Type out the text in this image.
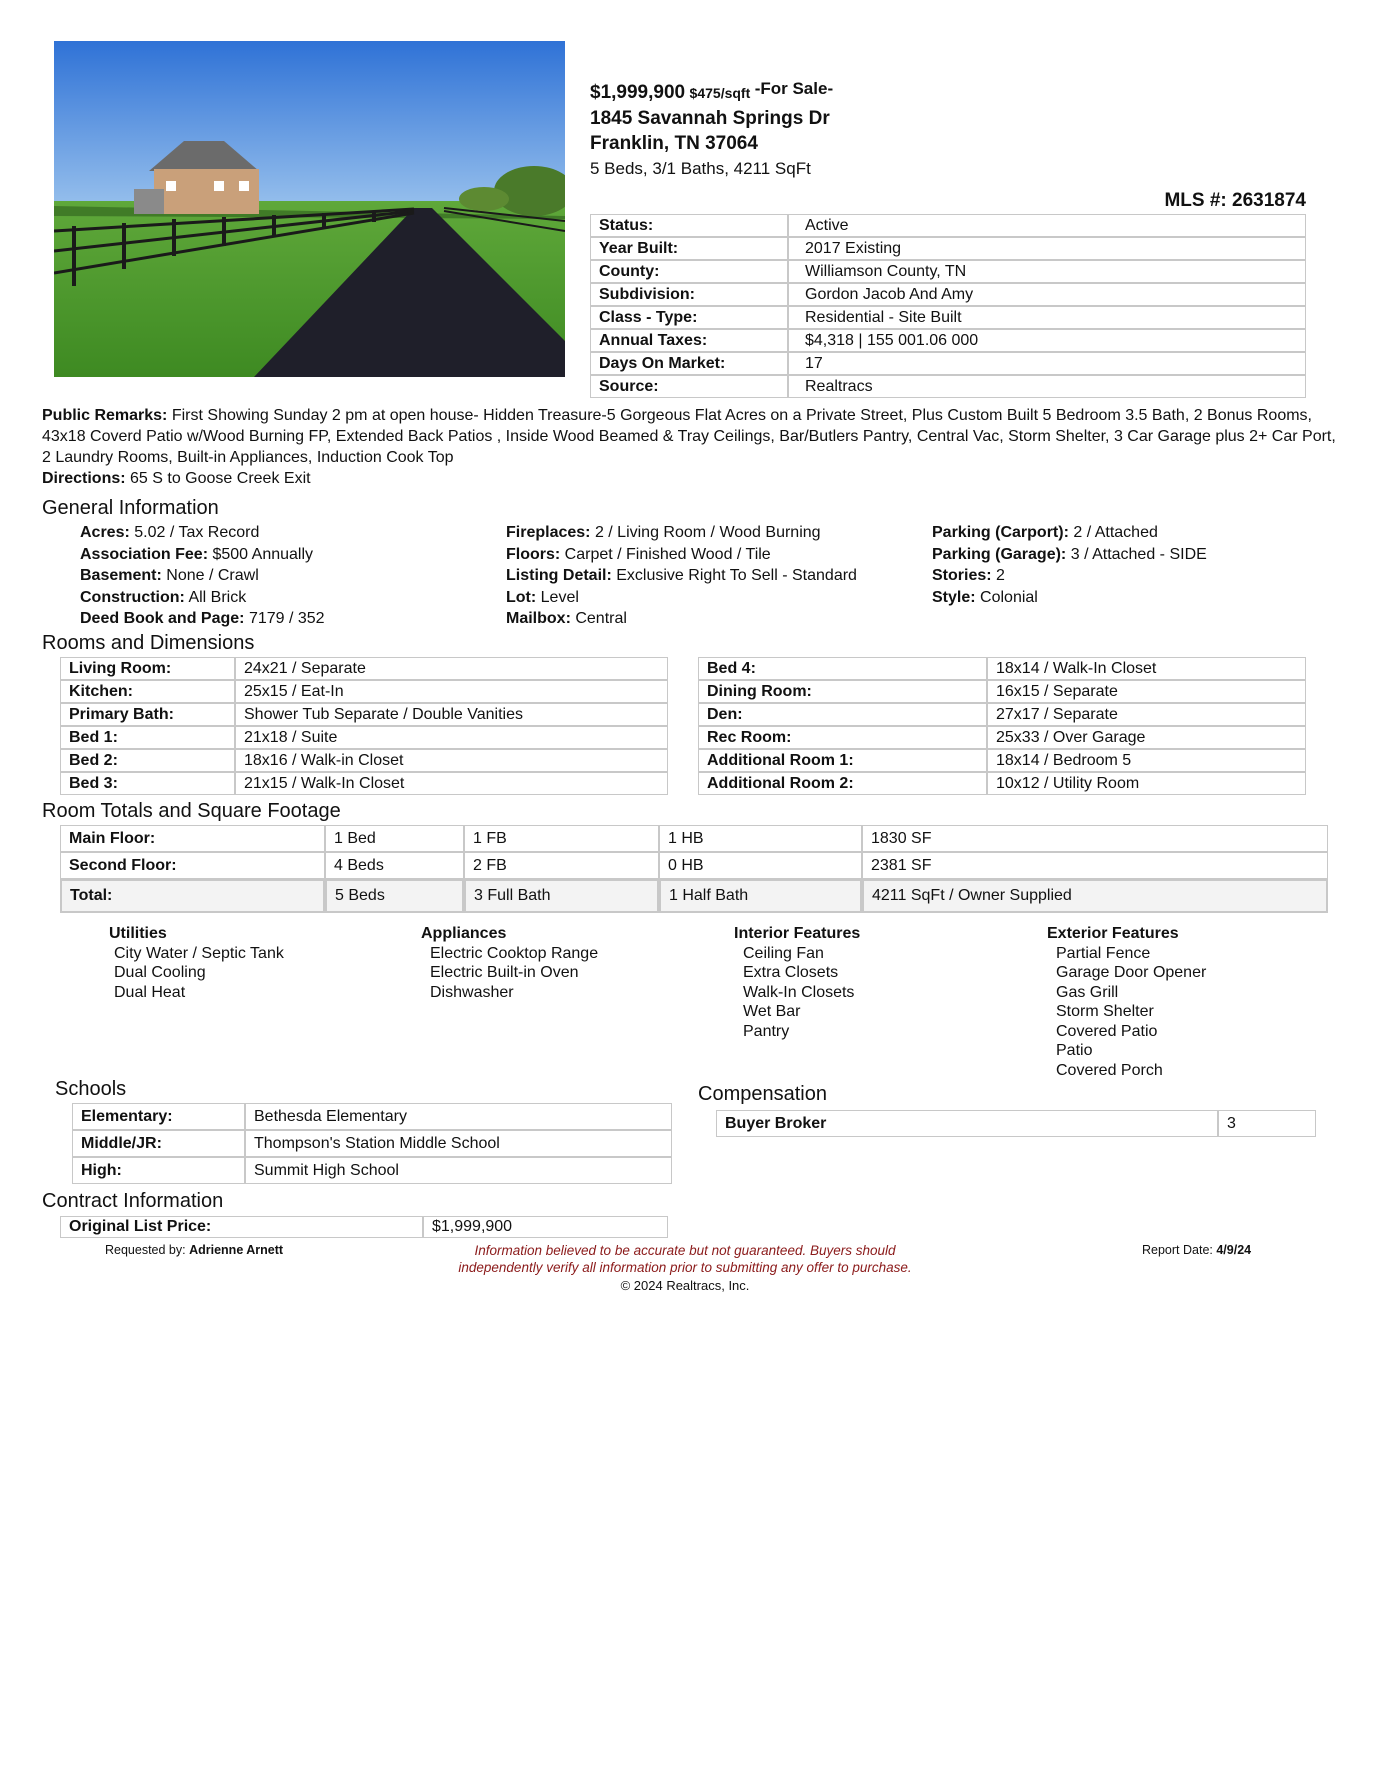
$1,999,900 $475/sqft -For Sale-
1845 Savannah Springs Dr
Franklin, TN 37064
5 Beds, 3/1 Baths, 4211 SqFt
MLS #: 2631874
Status:	Active
Year Built:	2017 Existing
County:	Williamson County, TN
Subdivision:	Gordon Jacob And Amy
Class - Type:	Residential - Site Built
Annual Taxes:	$4,318 | 155 001.06 000
Days On Market:	17
Source:	Realtracs
Public Remarks: First Showing Sunday 2 pm at open house- Hidden Treasure-5 Gorgeous Flat Acres on a Private Street, Plus Custom Built 5 Bedroom 3.5 Bath, 2 Bonus Rooms, 43x18 Coverd Patio w/Wood Burning FP, Extended Back Patios , Inside Wood Beamed & Tray Ceilings, Bar/Butlers Pantry, Central Vac, Storm Shelter, 3 Car Garage plus 2+ Car Port, 2 Laundry Rooms, Built-in Appliances, Induction Cook Top
Directions: 65 S to Goose Creek Exit
General Information
Acres: 5.02 / Tax Record
Association Fee: $500 Annually
Basement: None / Crawl
Construction: All Brick
Deed Book and Page: 7179 / 352
Fireplaces: 2 / Living Room / Wood Burning
Floors: Carpet / Finished Wood / Tile
Listing Detail: Exclusive Right To Sell - Standard
Lot: Level
Mailbox: Central
Parking (Carport): 2 / Attached
Parking (Garage): 3 / Attached - SIDE
Stories: 2
Style: Colonial
Rooms and Dimensions
Living Room:	24x21 / Separate
Kitchen:	25x15 / Eat-In
Primary Bath:	Shower Tub Separate / Double Vanities
Bed 1:	21x18 / Suite
Bed 2:	18x16 / Walk-in Closet
Bed 3:	21x15 / Walk-In Closet
Bed 4:	18x14 / Walk-In Closet
Dining Room:	16x15 / Separate
Den:	27x17 / Separate
Rec Room:	25x33 / Over Garage
Additional Room 1:	18x14 / Bedroom 5
Additional Room 2:	10x12 / Utility Room
Room Totals and Square Footage
Main Floor:	1 Bed	1 FB	1 HB	1830 SF
Second Floor:	4 Beds	2 FB	0 HB	2381 SF
Total:	5 Beds	3 Full Bath	1 Half Bath	4211 SqFt / Owner Supplied
Utilities
City Water / Septic Tank
Dual Cooling
Dual Heat
Appliances
Electric Cooktop Range
Electric Built-in Oven
Dishwasher
Interior Features
Ceiling Fan
Extra Closets
Walk-In Closets
Wet Bar
Pantry
Exterior Features
Partial Fence
Garage Door Opener
Gas Grill
Storm Shelter
Covered Patio
Patio
Covered Porch
Schools
Elementary:	Bethesda Elementary
Middle/JR:	Thompson's Station Middle School
High:	Summit High School
Compensation
Buyer Broker	3
Contract Information
Original List Price:	$1,999,900
Requested by: Adrienne Arnett	Information believed to be accurate but not guaranteed. Buyers should
independently verify all information prior to submitting any offer to purchase.
© 2024 Realtracs, Inc.
Report Date: 4/9/24
